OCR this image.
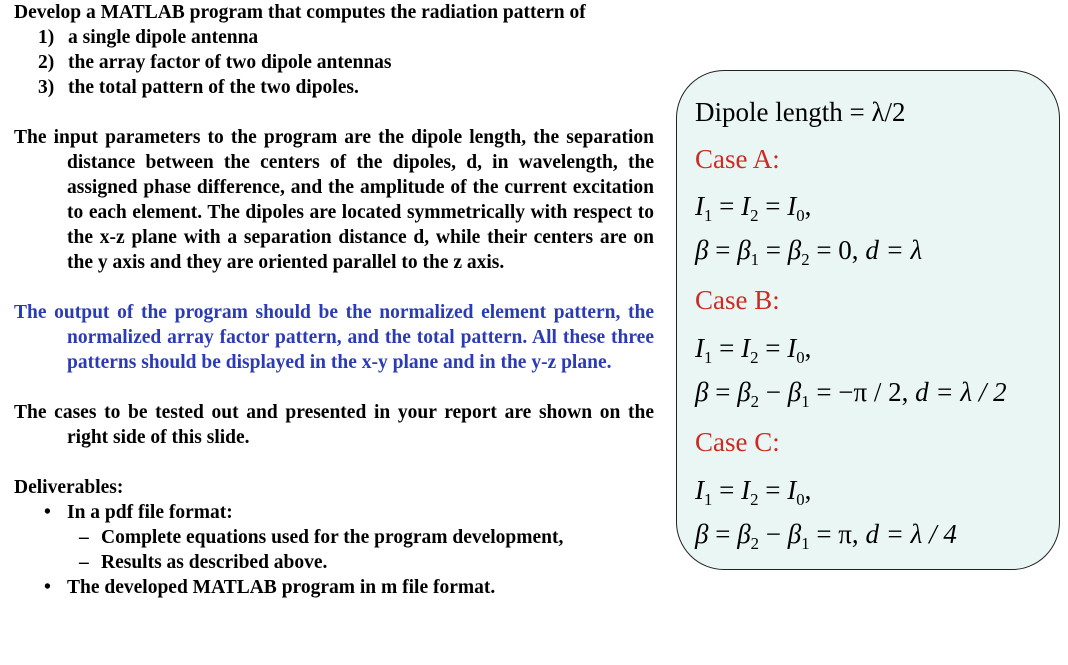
Develop a MATLAB program that computes the radiation pattern of

1) a single dipole antenna
2) the array factor of two dipole antennas
3) the total pattern of the two dipoles.

The input parameters to the program are the dipole length, the separation distance between the centers of the dipoles, d, in wavelength, the assigned phase difference, and the amplitude of the current excitation to each element. The dipoles are located symmetrically with respect to the x-z plane with a separation distance d, while their centers are on the y axis and they are oriented parallel to the z axis.

The output of the program should be the normalized element pattern, the normalized array factor pattern, and the total pattern. All these three patterns should be displayed in the x-y plane and in the y-z plane.

The cases to be tested out and presented in your report are shown on the right side of this slide.

Deliverables:

• In a pdf file format:
– Complete equations used for the program development,
– Results as described above.
• The developed MATLAB program in m file format.
Dipole length = λ/2
Case A:
$I_1 = I_2 = I_0$,
$\beta = \beta_1 = \beta_2 = 0$, d = λ
Case B:
$I_1 = I_2 = I_0$,
$\beta = \beta_2 - \beta_1 = -\pi / 2$, d = λ / 2
Case C:
$I_1 = I_2 = I_0$,
$\beta = \beta_2 - \beta_1 = \pi$, d = λ / 4
